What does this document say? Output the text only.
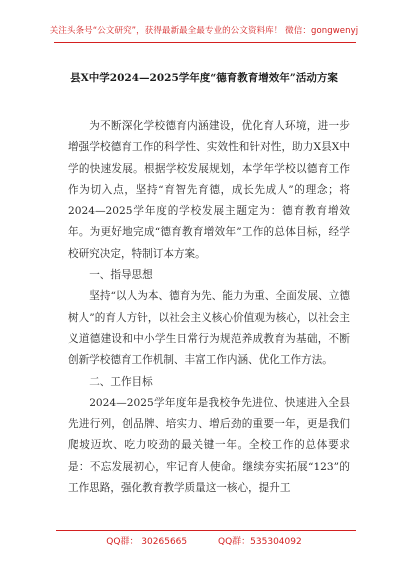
关注头条号“公文研究”，获得最新最全最专业的公文资料库！ 微信：gongwenyj
县X中学2024—2025学年度“德育教育增效年”活动方案

为不断深化学校德育内涵建设，优化育人环境，进一步增强学校德育工作的科学性、实效性和针对性，助力X县X中学的快速发展。根据学校发展规划，本学年学校以德育工作作为切入点，坚持“育智先育德，成长先成人”的理念；将2024—2025学年度的学校发展主题定为：德育教育增效年。为更好地完成“德育教育增效年”工作的总体目标，经学校研究决定，特制订本方案。

一、指导思想

坚持“以人为本、德育为先、能力为重、全面发展、立德树人”的育人方针，以社会主义核心价值观为核心，以社会主义道德建设和中小学生日常行为规范养成教育为基础，不断创新学校德育工作机制、丰富工作内涵、优化工作方法。

二、工作目标

2024—2025学年度年是我校争先进位、快速进入全县先进行列，创品牌、培实力、增后劲的重要一年，更是我们爬坡迈坎、吃力咬劲的最关键一年。全校工作的总体要求是：不忘发展初心，牢记育人使命。继续夯实拓展“123”的工作思路，强化教育教学质量这一核心，提升工

QQ群： 30265665	QQ群：535304092
